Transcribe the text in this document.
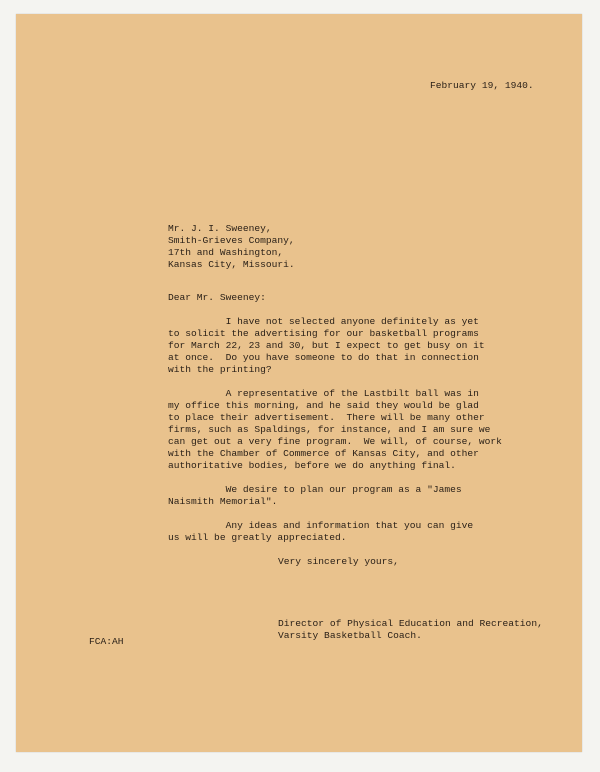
February 19, 1940.
Mr. J. I. Sweeney,
Smith-Grieves Company,
17th and Washington,
Kansas City, Missouri.
Dear Mr. Sweeney:
I have not selected anyone definitely as yet
to solicit the advertising for our basketball programs
for March 22, 23 and 30, but I expect to get busy on it
at once.  Do you have someone to do that in connection
with the printing?
A representative of the Lastbilt ball was in
my office this morning, and he said they would be glad
to place their advertisement.  There will be many other
firms, such as Spaldings, for instance, and I am sure we
can get out a very fine program.  We will, of course, work
with the Chamber of Commerce of Kansas City, and other
authoritative bodies, before we do anything final.
We desire to plan our program as a "James
Naismith Memorial".
Any ideas and information that you can give
us will be greatly appreciated.
Very sincerely yours,
Director of Physical Education and Recreation,
Varsity Basketball Coach.
FCA:AH
